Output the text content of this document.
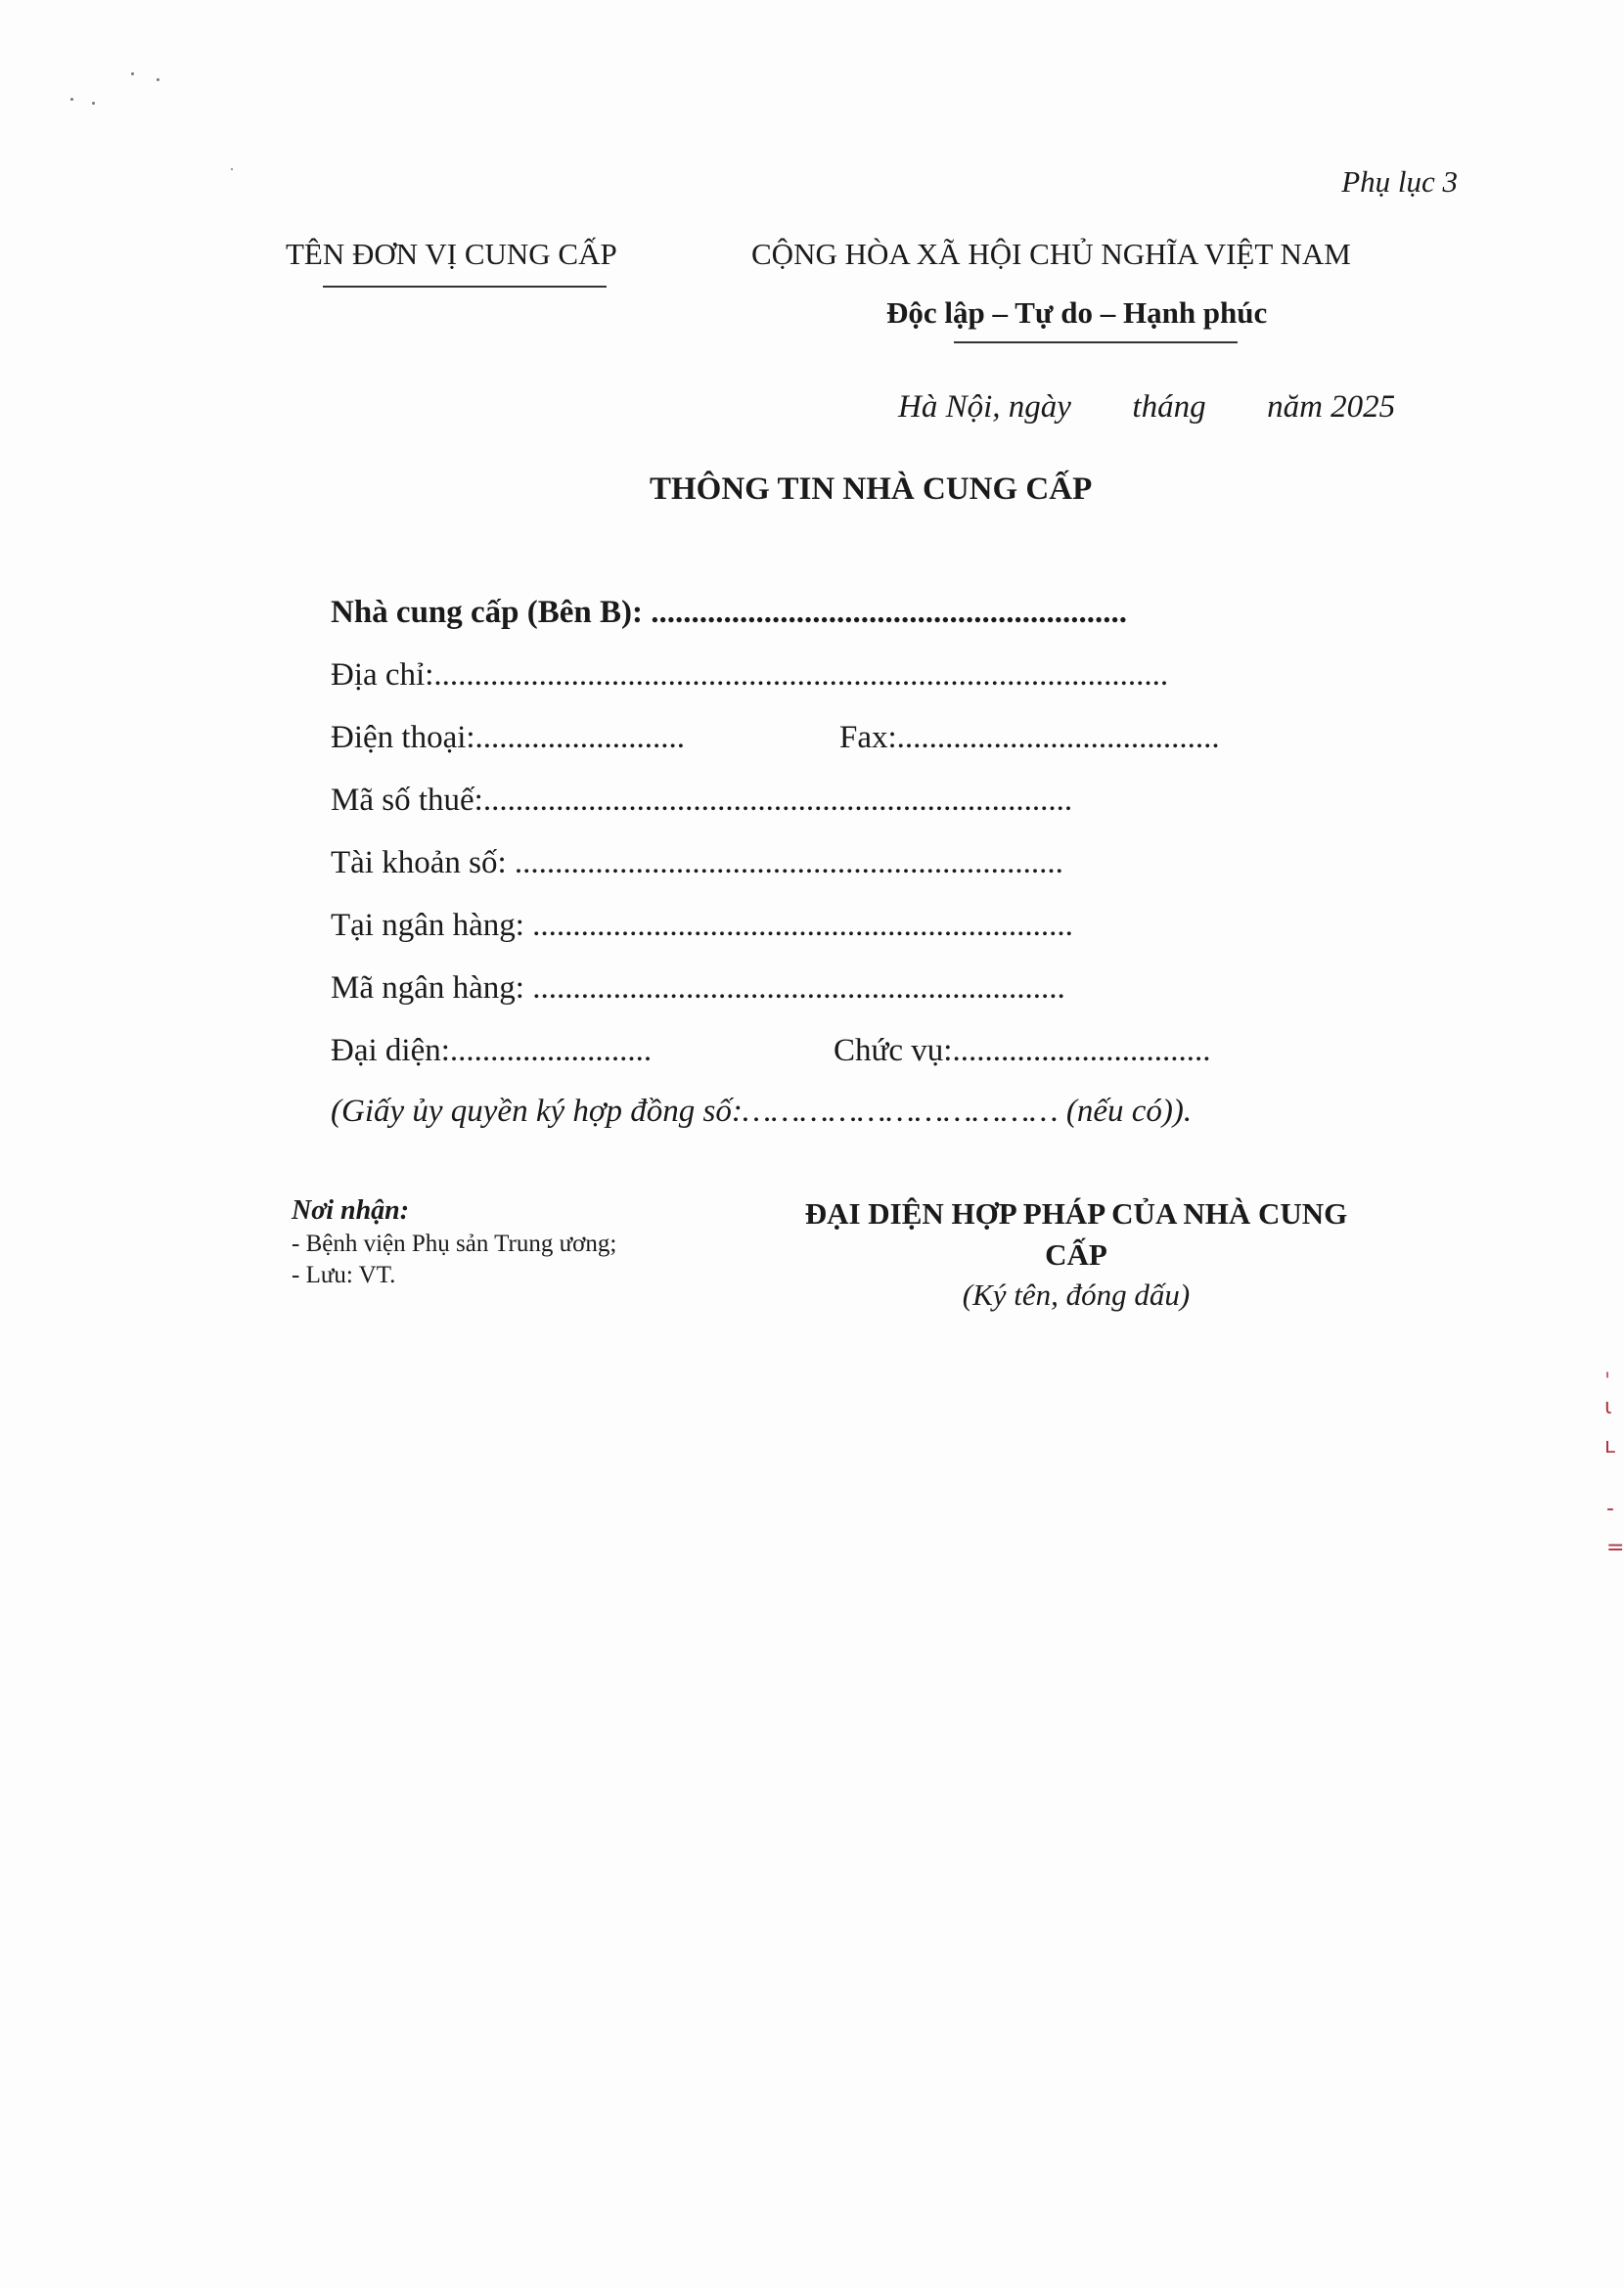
ˌ
ɩ
ʟ
-
=
Phụ lục 3
TÊN ĐƠN VỊ CUNG CẤP	CỘNG HÒA XÃ HỘI CHỦ NGHĨA VIỆT NAM
Độc lập – Tự do – Hạnh phúc
Hà Nội, ngày tháng năm 2025
THÔNG TIN NHÀ CUNG CẤP
Nhà cung cấp (Bên B): ...........................................................
Địa chỉ:...........................................................................................
Điện thoại:..........................	Fax:........................................
Mã số thuế:.........................................................................
Tài khoản số: ....................................................................
Tại ngân hàng: ...................................................................
Mã ngân hàng: ..................................................................
Đại diện:.........................	Chức vụ:................................
(Giấy ủy quyền ký hợp đồng số:…………………………… (nếu có)).
Nơi nhận:
- Bệnh viện Phụ sản Trung ương;
- Lưu: VT.
ĐẠI DIỆN HỢP PHÁP CỦA NHÀ CUNG CẤP
(Ký tên, đóng dấu)
